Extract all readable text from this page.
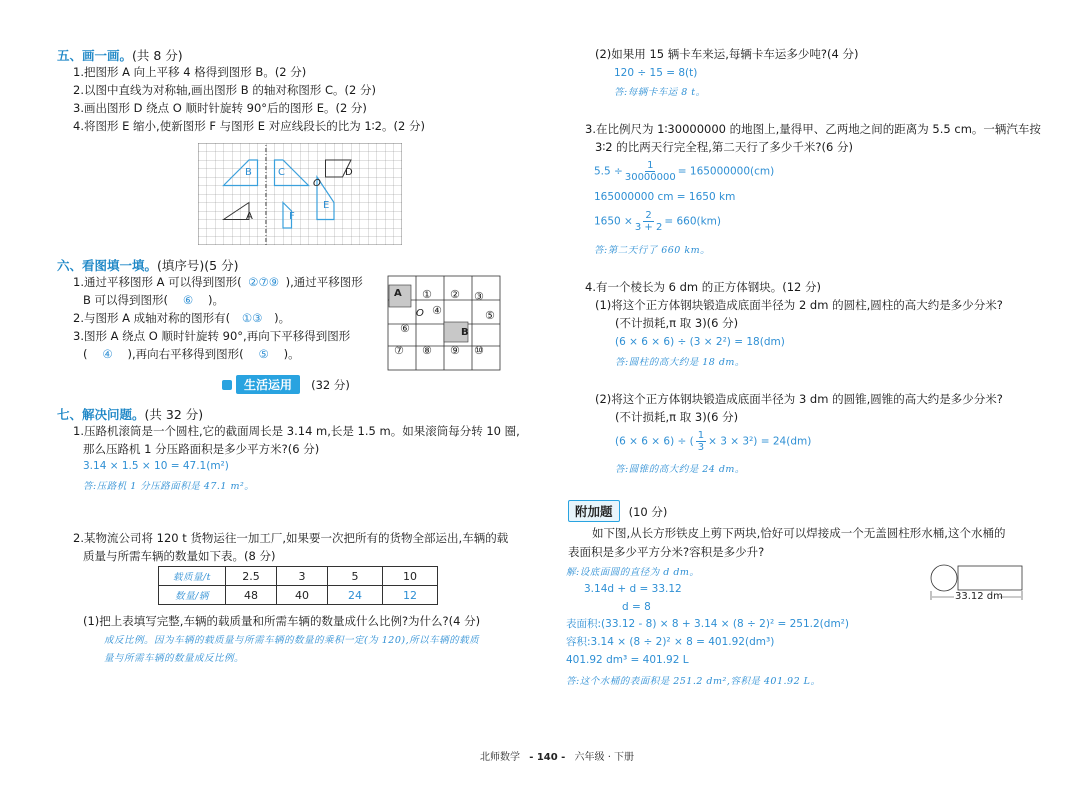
五、画一画。(共 8 分)
1.把图形 A 向上平移 4 格得到图形 B。(2 分)
2.以图中直线为对称轴,画出图形 B 的轴对称图形 C。(2 分)
3.画出图形 D 绕点 O 顺时针旋转 90°后的图形 E。(2 分)
4.将图形 E 缩小,使新图形 F 与图形 E 对应线段长的比为 1∶2。(2 分)
B	C
O
D
E
A	F
六、看图填一填。(填序号)(5 分)
1.通过平移图形 A 可以得到图形( ②⑦⑨ ),通过平移图形
B 可以得到图形( ⑥ )。
2.与图形 A 成轴对称的图形有( ①③ )。
3.图形 A 绕点 O 顺时针旋转 90°,再向下平移得到图形
( ④ ),再向右平移得到图形( ⑤ )。
A ① ② ③
O ④	⑤
⑥	B
⑦ ⑧ ⑨ ⑩
生活运用 (32 分)
七、解决问题。(共 32 分)
1.压路机滚筒是一个圆柱,它的截面周长是 3.14 m,长是 1.5 m。如果滚筒每分转 10 圈,
那么压路机 1 分压路面积是多少平方米?(6 分)
3.14 × 1.5 × 10 = 47.1(m²)
答:压路机 1 分压路面积是 47.1 m²。
2.某物流公司将 120 t 货物运往一加工厂,如果要一次把所有的货物全部运出,车辆的载
质量与所需车辆的数量如下表。(8 分)
载质量/t	2.5	3	5	10
数量/辆	48	40	24	12
(1)把上表填写完整,车辆的载质量和所需车辆的数量成什么比例?为什么?(4 分)
成反比例。因为车辆的载质量与所需车辆的数量的乘积一定(为 120),所以车辆的载质
量与所需车辆的数量成反比例。
(2)如果用 15 辆卡车来运,每辆卡车运多少吨?(4 分)
120 ÷ 15 = 8(t)
答:每辆卡车运 8 t。
3.在比例尺为 1∶30000000 的地图上,量得甲、乙两地之间的距离为 5.5 cm。一辆汽车按
3∶2 的比两天行完全程,第二天行了多少千米?(6 分)
$5.5 \div \frac{1}{30000000} = 165000000(cm)$
165000000 cm = 1650 km
$1650 \times \frac{2}{3 + 2} = 660(km)$
答:第二天行了 660 km。
4.有一个棱长为 6 dm 的正方体钢块。(12 分)
(1)将这个正方体钢块锻造成底面半径为 2 dm 的圆柱,圆柱的高大约是多少分米?
(不计损耗,π 取 3)(6 分)
(6 × 6 × 6) ÷ (3 × 2²) = 18(dm)
答:圆柱的高大约是 18 dm。
(2)将这个正方体钢块锻造成底面半径为 3 dm 的圆锥,圆锥的高大约是多少分米?
(不计损耗,π 取 3)(6 分)
(6 × 6 × 6) ÷ ( $\frac{1}{3} \times 3 \times 3^2) = 24(dm)$
答:圆锥的高大约是 24 dm。
附加题 (10 分)
如下图,从长方形铁皮上剪下两块,恰好可以焊接成一个无盖圆柱形水桶,这个水桶的
表面积是多少平方分米?容积是多少升?
解:设底面圆的直径为 d dm。
3.14d + d = 33.12
d = 8
表面积:(33.12 - 8) × 8 + 3.14 × (8 ÷ 2)² = 251.2(dm²)
容积:3.14 × (8 ÷ 2)² × 8 = 401.92(dm³)
401.92 dm³ = 401.92 L
答:这个水桶的表面积是 251.2 dm²,容积是 401.92 L。
33.12 dm
北师数学 - 140 - 六年级 · 下册
